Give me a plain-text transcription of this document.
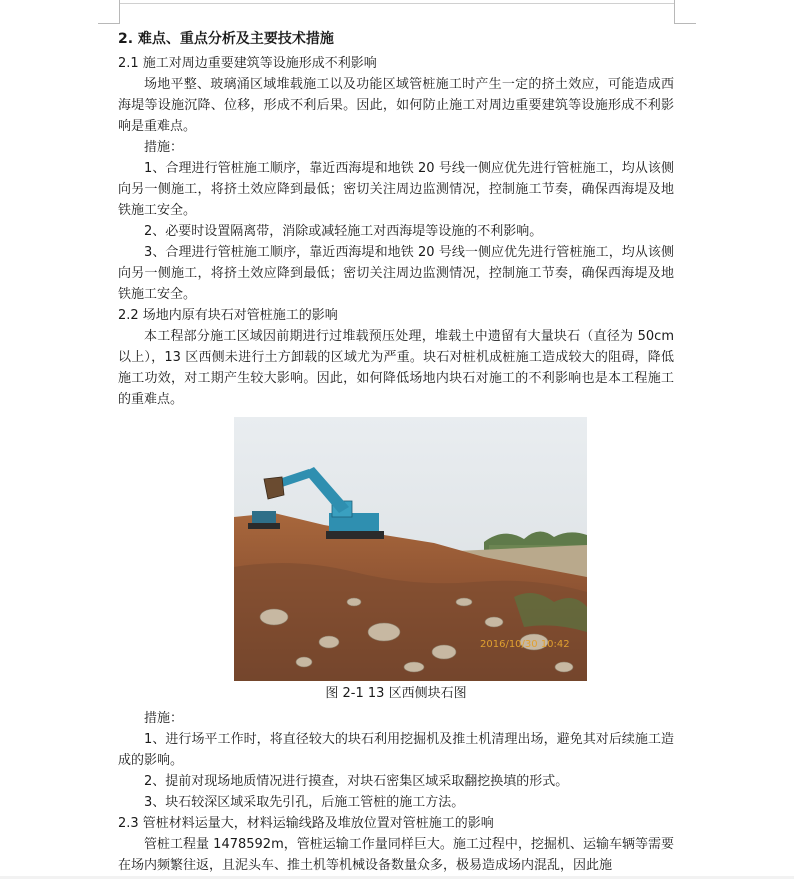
2. 难点、重点分析及主要技术措施
2.1 施工对周边重要建筑等设施形成不利影响

场地平整、玻璃涌区域堆载施工以及功能区域管桩施工时产生一定的挤土效应，可能造成西海堤等设施沉降、位移，形成不利后果。因此，如何防止施工对周边重要建筑等设施形成不利影响是重难点。

措施：

1、合理进行管桩施工顺序，靠近西海堤和地铁 20 号线一侧应优先进行管桩施工，均从该侧向另一侧施工，将挤土效应降到最低；密切关注周边监测情况，控制施工节奏，确保西海堤及地铁施工安全。

2、必要时设置隔离带，消除或减轻施工对西海堤等设施的不利影响。

3、合理进行管桩施工顺序，靠近西海堤和地铁 20 号线一侧应优先进行管桩施工，均从该侧向另一侧施工，将挤土效应降到最低；密切关注周边监测情况，控制施工节奏，确保西海堤及地铁施工安全。

2.2 场地内原有块石对管桩施工的影响

本工程部分施工区域因前期进行过堆载预压处理，堆载土中遗留有大量块石（直径为 50cm以上），13 区西侧未进行土方卸载的区域尤为严重。块石对桩机成桩施工造成较大的阻碍，降低施工功效，对工期产生较大影响。因此，如何降低场地内块石对施工的不利影响也是本工程施工的重难点。

2016/10/30 10:42
图 2-1 13 区西侧块石图

措施：

1、进行场平工作时，将直径较大的块石利用挖掘机及推土机清理出场，避免其对后续施工造成的影响。

2、提前对现场地质情况进行摸查，对块石密集区域采取翻挖换填的形式。

3、块石较深区域采取先引孔，后施工管桩的施工方法。

2.3 管桩材料运量大，材料运输线路及堆放位置对管桩施工的影响

管桩工程量 1478592m，管桩运输工作量同样巨大。施工过程中，挖掘机、运输车辆等需要在场内频繁往返，且泥头车、推土机等机械设备数量众多，极易造成场内混乱，因此施
